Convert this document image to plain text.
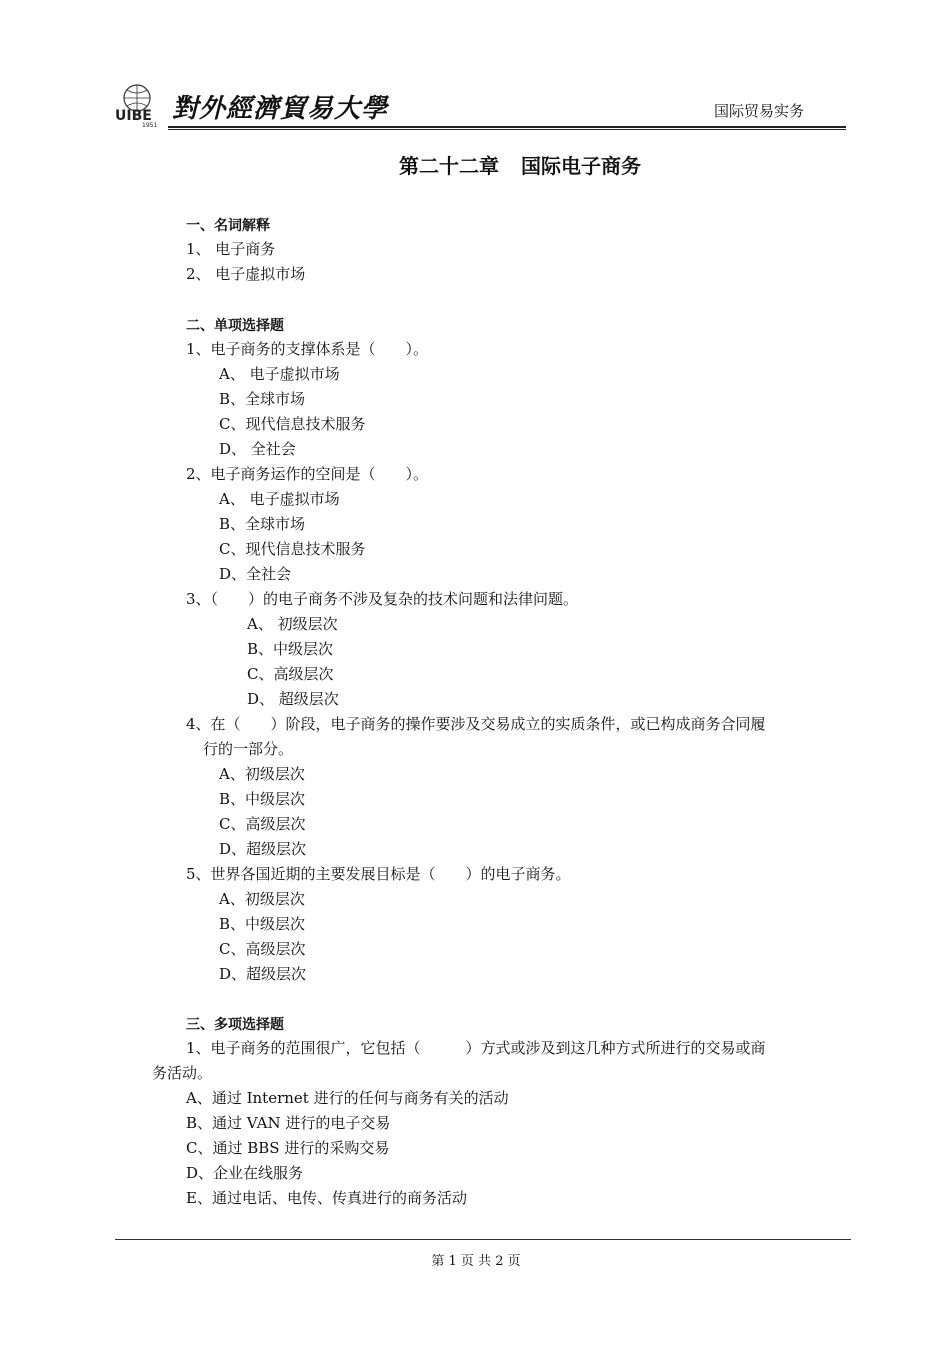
UIBE
1951
對外經濟貿易大學	国际贸易实务
第二十二章 国际电子商务
一、名词解释
1、 电子商务
2、 电子虚拟市场
二、单项选择题
1、电子商务的支撑体系是（　　）。
A、 电子虚拟市场
B、全球市场
C、现代信息技术服务
D、 全社会
2、电子商务运作的空间是（　　）。
A、 电子虚拟市场
B、全球市场
C、现代信息技术服务
D、全社会
3、（　　）的电子商务不涉及复杂的技术问题和法律问题。
A、 初级层次
B、中级层次
C、高级层次
D、 超级层次
4、在（　　）阶段，电子商务的操作要涉及交易成立的实质条件，或已构成商务合同履
行的一部分。
A、初级层次
B、中级层次
C、高级层次
D、超级层次
5、世界各国近期的主要发展目标是（　　）的电子商务。
A、初级层次
B、中级层次
C、高级层次
D、超级层次
三、多项选择题
1、电子商务的范围很广，它包括（　　　）方式或涉及到这几种方式所进行的交易或商
务活动。
A、通过 Internet 进行的任何与商务有关的活动
B、通过 VAN 进行的电子交易
C、通过 BBS 进行的采购交易
D、企业在线服务
E、通过电话、电传、传真进行的商务活动
第 1 页 共 2 页
